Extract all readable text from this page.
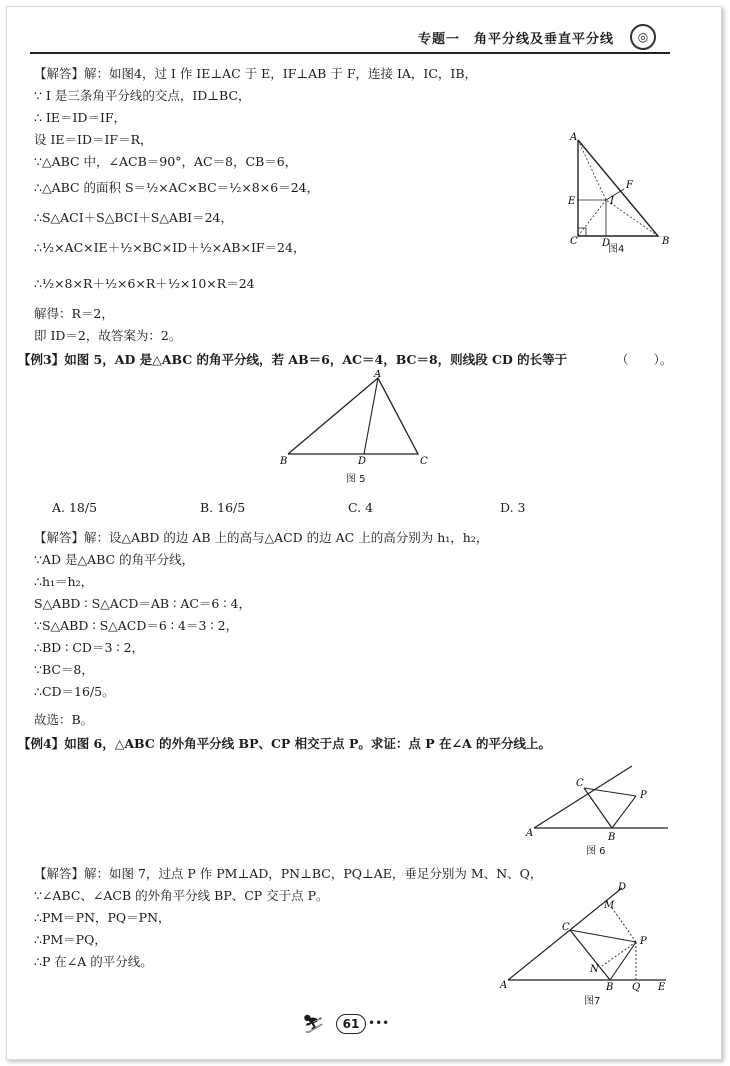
专题一　角平分线及垂直平分线	◎
【解答】解：如图4，过 I 作 IE⊥AC 于 E，IF⊥AB 于 F，连接 IA，IC，IB，
∵ I 是三条角平分线的交点，ID⊥BC，
∴ IE＝ID＝IF，
设 IE＝ID＝IF＝R，
∵△ABC 中，∠ACB＝90°，AC＝8，CB＝6，
∴△ABC 的面积 S＝½×AC×BC＝½×8×6＝24，
∴S△ACI＋S△BCI＋S△ABI＝24，
∴½×AC×IE＋½×BC×ID＋½×AB×IF＝24，
∴½×8×R＋½×6×R＋½×10×R＝24
解得：R＝2，
即 ID＝2，故答案为：2。
A
B
C D
E
F
I
图4
【例3】如图 5，AD 是△ABC 的角平分线，若 AB＝6，AC＝4，BC＝8，则线段 CD 的长等于	（　　）。
A
B	C
D
图 5
A. 18/5	B. 16/5	C. 4	D. 3
【解答】解：设△ABD 的边 AB 上的高与△ACD 的边 AC 上的高分别为 h₁，h₂，
∵AD 是△ABC 的角平分线，
∴h₁＝h₂，
S△ABD ∶ S△ACD＝AB ∶ AC＝6 ∶ 4，
∵S△ABD ∶ S△ACD＝6 ∶ 4＝3 ∶ 2，
∴BD ∶ CD＝3 ∶ 2，
∵BC＝8，
∴CD＝16/5。
故选：B。
【例4】如图 6，△ABC 的外角平分线 BP、CP 相交于点 P。求证：点 P 在∠A 的平分线上。
C
P
A	B
图 6
【解答】解：如图 7，过点 P 作 PM⊥AD，PN⊥BC，PQ⊥AE，垂足分别为 M、N、Q，
∵∠ABC、∠ACB 的外角平分线 BP、CP 交于点 P。
∴PM＝PN，PQ＝PN，
∴PM＝PQ，
∴P 在∠A 的平分线。
D
M
C
P
N
A	B Q E
图7
⛷	61 •••
